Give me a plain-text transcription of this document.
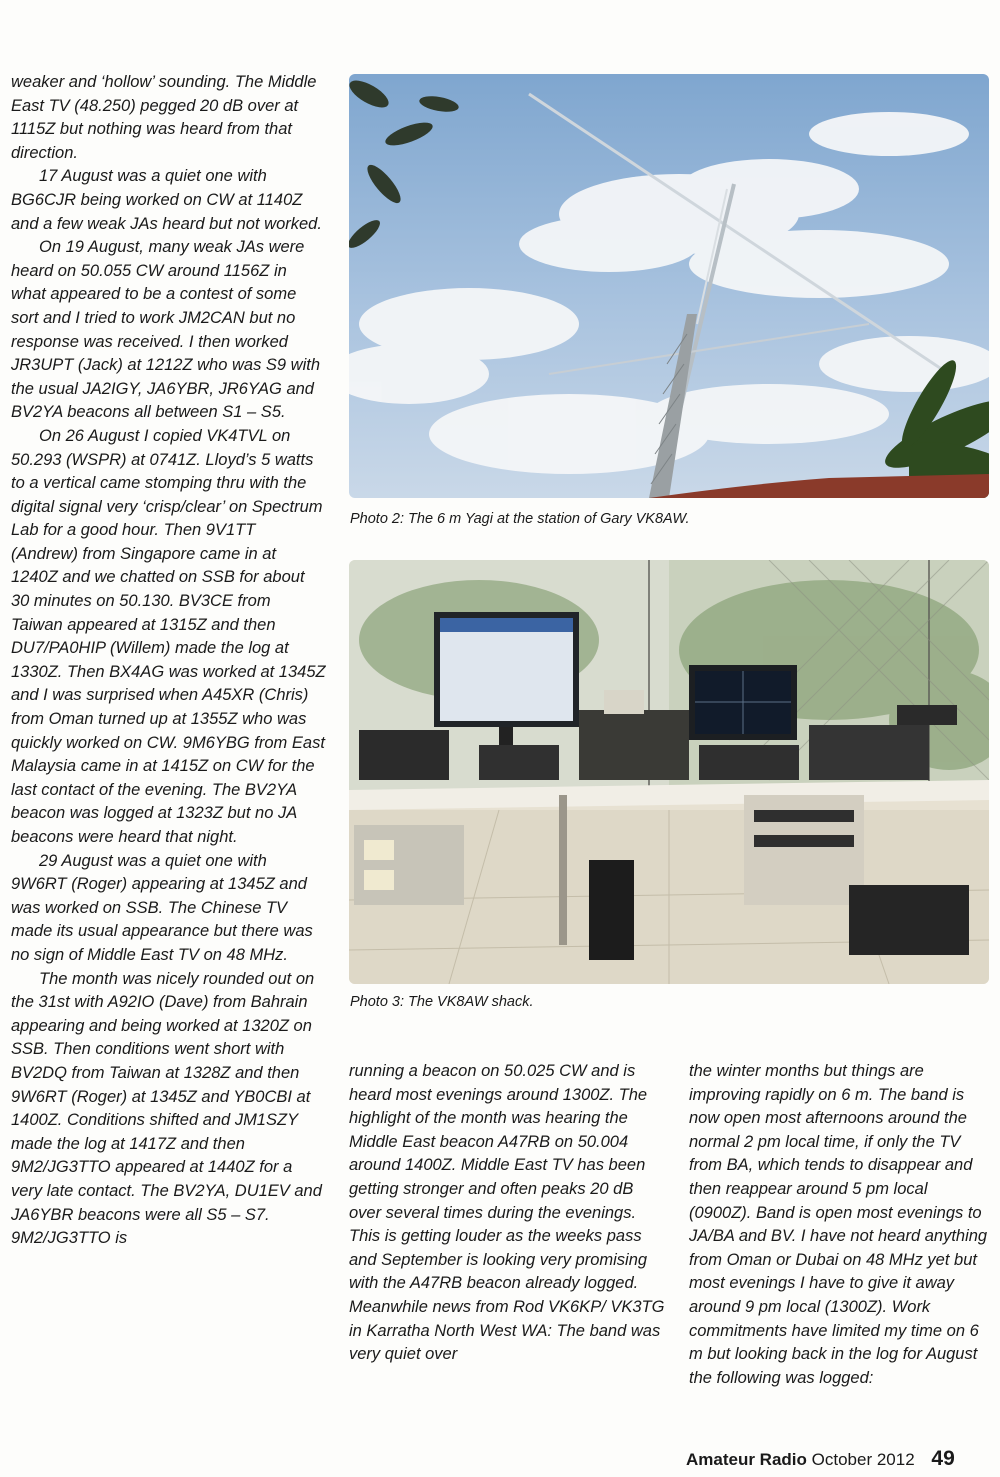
weaker and ‘hollow’ sounding. The Middle East TV (48.250) pegged 20 dB over at 1115Z but nothing was heard from that direction.

17 August was a quiet one with BG6CJR being worked on CW at 1140Z and a few weak JAs heard but not worked.

On 19 August, many weak JAs were heard on 50.055 CW around 1156Z in what appeared to be a contest of some sort and I tried to work JM2CAN but no response was received. I then worked JR3UPT (Jack) at 1212Z who was S9 with the usual JA2IGY, JA6YBR, JR6YAG and BV2YA beacons all between S1 – S5.

On 26 August I copied VK4TVL on 50.293 (WSPR) at 0741Z. Lloyd’s 5 watts to a vertical came stomping thru with the digital signal very ‘crisp/clear’ on Spectrum Lab for a good hour. Then 9V1TT (Andrew) from Singapore came in at 1240Z and we chatted on SSB for about 30 minutes on 50.130. BV3CE from Taiwan appeared at 1315Z and then DU7/PA0HIP (Willem) made the log at 1330Z. Then BX4AG was worked at 1345Z and I was surprised when A45XR (Chris) from Oman turned up at 1355Z who was quickly worked on CW. 9M6YBG from East Malaysia came in at 1415Z on CW for the last contact of the evening. The BV2YA beacon was logged at 1323Z but no JA beacons were heard that night.

29 August was a quiet one with 9W6RT (Roger) appearing at 1345Z and was worked on SSB. The Chinese TV made its usual appearance but there was no sign of Middle East TV on 48 MHz.

The month was nicely rounded out on the 31st with A92IO (Dave) from Bahrain appearing and being worked at 1320Z on SSB. Then conditions went short with BV2DQ from Taiwan at 1328Z and then 9W6RT (Roger) at 1345Z and YB0CBI at 1400Z. Conditions shifted and JM1SZY made the log at 1417Z and then 9M2/JG3TTO appeared at 1440Z for a very late contact. The BV2YA, DU1EV and JA6YBR beacons were all S5 – S7. 9M2/JG3TTO is

running a beacon on 50.025 CW and is heard most evenings around 1300Z. The highlight of the month was hearing the Middle East beacon A47RB on 50.004 around 1400Z. Middle East TV has been getting stronger and often peaks 20 dB over several times during the evenings. This is getting louder as the weeks pass and September is looking very promising with the A47RB beacon already logged.

Meanwhile news from Rod VK6KP/ VK3TG in Karratha North West WA: The band was very quiet over

the winter months but things are improving rapidly on 6 m. The band is now open most afternoons around the normal 2 pm local time, if only the TV from BA, which tends to disappear and then reappear around 5 pm local (0900Z). Band is open most evenings to JA/BA and BV. I have not heard anything from Oman or Dubai on 48 MHz yet but most evenings I have to give it away around 9 pm local (1300Z). Work commitments have limited my time on 6 m but looking back in the log for August the following was logged:

Photo 2: The 6 m Yagi at the station of Gary VK8AW.
Photo 3: The VK8AW shack.
Amateur Radio October 2012 49
